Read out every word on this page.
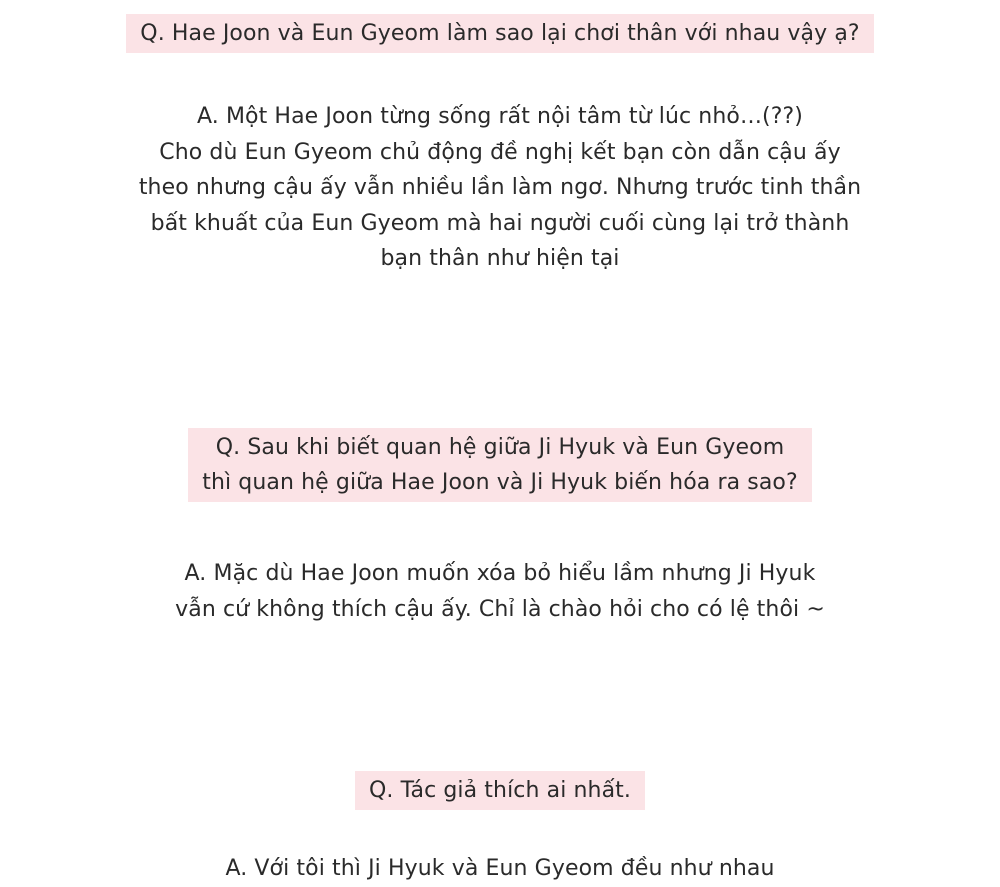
Q. Hae Joon và Eun Gyeom làm sao lại chơi thân với nhau vậy ạ?
A. Một Hae Joon từng sống rất nội tâm từ lúc nhỏ…(??)
Cho dù Eun Gyeom chủ động đề nghị kết bạn còn dẫn cậu ấy
theo nhưng cậu ấy vẫn nhiều lần làm ngơ. Nhưng trước tinh thần
bất khuất của Eun Gyeom mà hai người cuối cùng lại trở thành
bạn thân như hiện tại
Q. Sau khi biết quan hệ giữa Ji Hyuk và Eun Gyeom
thì quan hệ giữa Hae Joon và Ji Hyuk biến hóa ra sao?
A. Mặc dù Hae Joon muốn xóa bỏ hiểu lầm nhưng Ji Hyuk
vẫn cứ không thích cậu ấy. Chỉ là chào hỏi cho có lệ thôi ~
Q. Tác giả thích ai nhất.
A. Với tôi thì Ji Hyuk và Eun Gyeom đều như nhau
